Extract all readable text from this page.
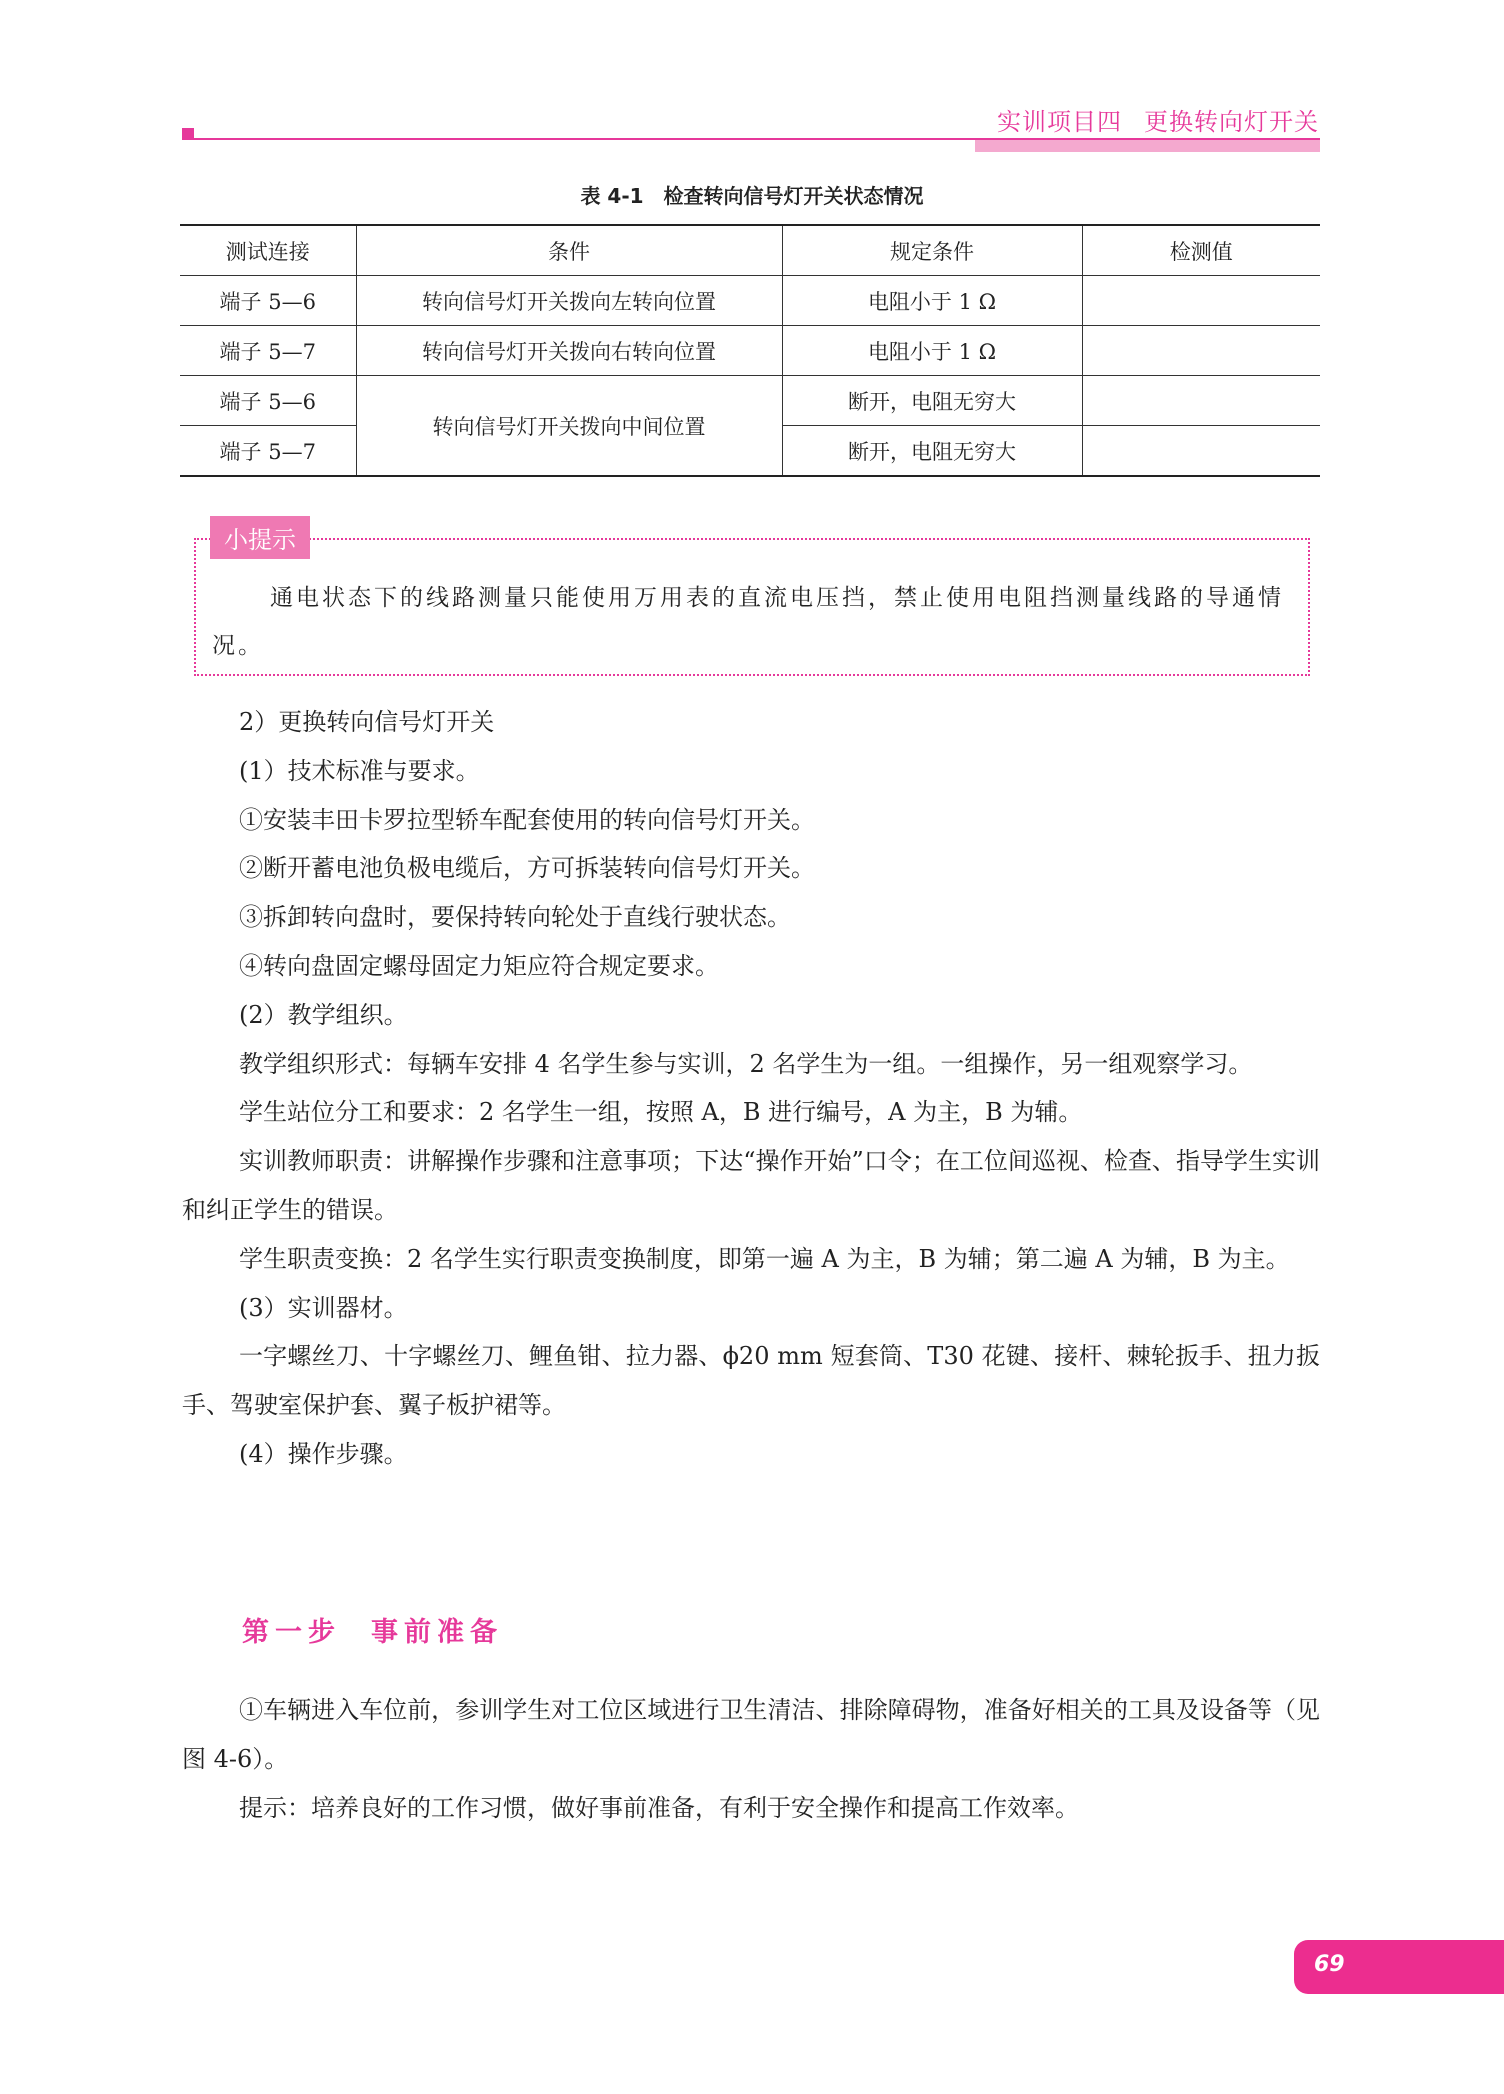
实训项目四 更换转向灯开关
表 4-1　检查转向信号灯开关状态情况
测试连接	条件	规定条件	检测值
端子 5—6	转向信号灯开关拨向左转向位置	电阻小于 1 Ω	
端子 5—7	转向信号灯开关拨向右转向位置	电阻小于 1 Ω	
端子 5—6	转向信号灯开关拨向中间位置	断开，电阻无穷大	
端子 5—7		断开，电阻无穷大	
小提示
通电状态下的线路测量只能使用万用表的直流电压挡，禁止使用电阻挡测量线路的导通情况。

2）更换转向信号灯开关

(1）技术标准与要求。

①安装丰田卡罗拉型轿车配套使用的转向信号灯开关。

②断开蓄电池负极电缆后，方可拆装转向信号灯开关。

③拆卸转向盘时，要保持转向轮处于直线行驶状态。

④转向盘固定螺母固定力矩应符合规定要求。

(2）教学组织。

教学组织形式：每辆车安排 4 名学生参与实训，2 名学生为一组。一组操作，另一组观察学习。

学生站位分工和要求：2 名学生一组，按照 A，B 进行编号，A 为主，B 为辅。

实训教师职责：讲解操作步骤和注意事项；下达“操作开始”口令；在工位间巡视、检查、指导学生实训和纠正学生的错误。

学生职责变换：2 名学生实行职责变换制度，即第一遍 A 为主，B 为辅；第二遍 A 为辅，B 为主。

(3）实训器材。

一字螺丝刀、十字螺丝刀、鲤鱼钳、拉力器、ϕ20 mm 短套筒、T30 花键、接杆、棘轮扳手、扭力扳手、驾驶室保护套、翼子板护裙等。

(4）操作步骤。

第一步 事前准备

①车辆进入车位前，参训学生对工位区域进行卫生清洁、排除障碍物，准备好相关的工具及设备等（见图 4-6）。

提示：培养良好的工作习惯，做好事前准备，有利于安全操作和提高工作效率。

69
